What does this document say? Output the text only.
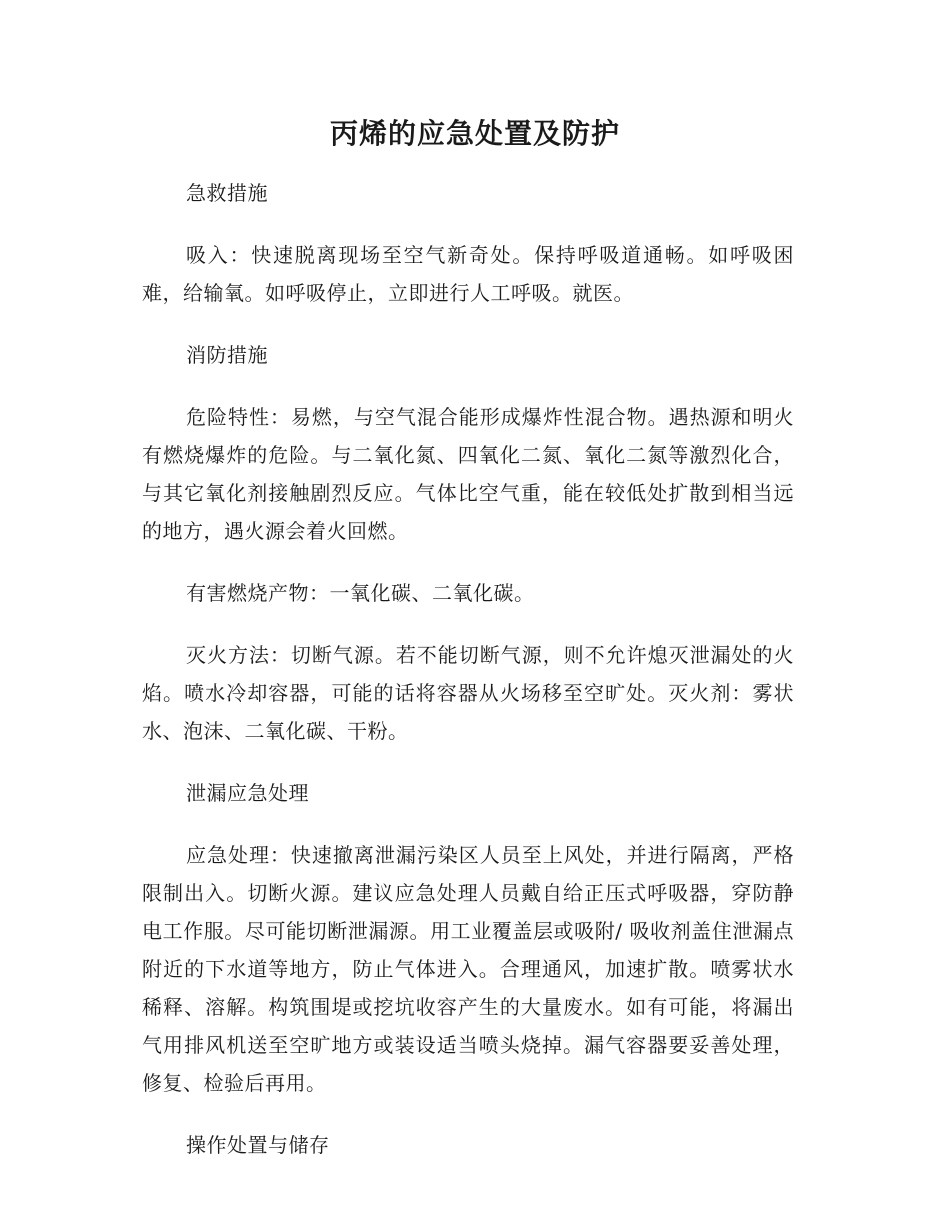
丙烯的应急处置及防护

急救措施

吸入：快速脱离现场至空气新奇处。保持呼吸道通畅。如呼吸困难，给输氧。如呼吸停止，立即进行人工呼吸。就医。

消防措施

危险特性：易燃，与空气混合能形成爆炸性混合物。遇热源和明火有燃烧爆炸的危险。与二氧化氮、四氧化二氮、氧化二氮等激烈化合，与其它氧化剂接触剧烈反应。气体比空气重，能在较低处扩散到相当远的地方，遇火源会着火回燃。

有害燃烧产物：一氧化碳、二氧化碳。

灭火方法：切断气源。若不能切断气源，则不允许熄灭泄漏处的火焰。喷水冷却容器，可能的话将容器从火场移至空旷处。灭火剂：雾状水、泡沫、二氧化碳、干粉。

泄漏应急处理

应急处理：快速撤离泄漏污染区人员至上风处，并进行隔离，严格限制出入。切断火源。建议应急处理人员戴自给正压式呼吸器，穿防静电工作服。尽可能切断泄漏源。用工业覆盖层或吸附/ 吸收剂盖住泄漏点附近的下水道等地方，防止气体进入。合理通风，加速扩散。喷雾状水稀释、溶解。构筑围堤或挖坑收容产生的大量废水。如有可能，将漏出气用排风机送至空旷地方或装设适当喷头烧掉。漏气容器要妥善处理，修复、检验后再用。

操作处置与储存
